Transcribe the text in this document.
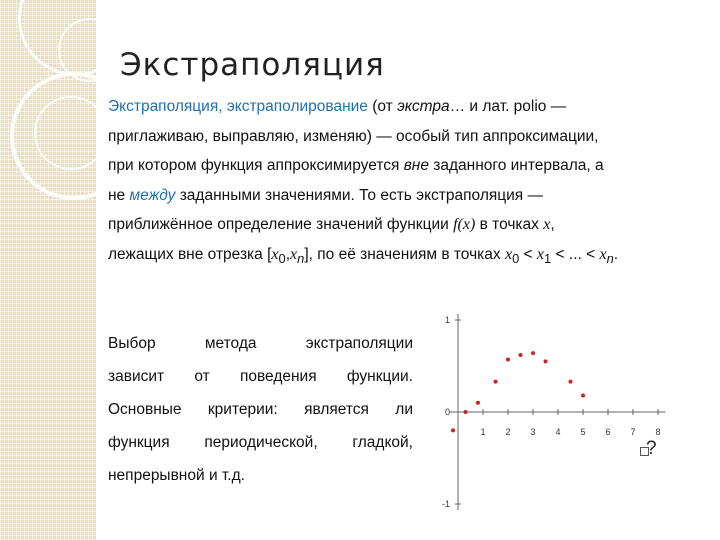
Экстраполяция
Экстраполяция, экстраполирование (от экстра… и лат. polio —
приглаживаю, выправляю, изменяю) — особый тип аппроксимации,
при котором функция аппроксимируется вне заданного интервала, а
не между заданными значениями. То есть экстраполяция —
приближённое определение значений функции f(x) в точках x,
лежащих вне отрезка $[x_0,x_n]$, по её значениям в точках $x_0 < x_1$ < ... < $x_n$.
Выбор метода экстраполяции
зависит от поведения функции.
Основные критерии: является ли
функция периодической, гладкой,
непрерывной и т.д.
1
0
-1
1 2 3 4 5 6 7 8
?
